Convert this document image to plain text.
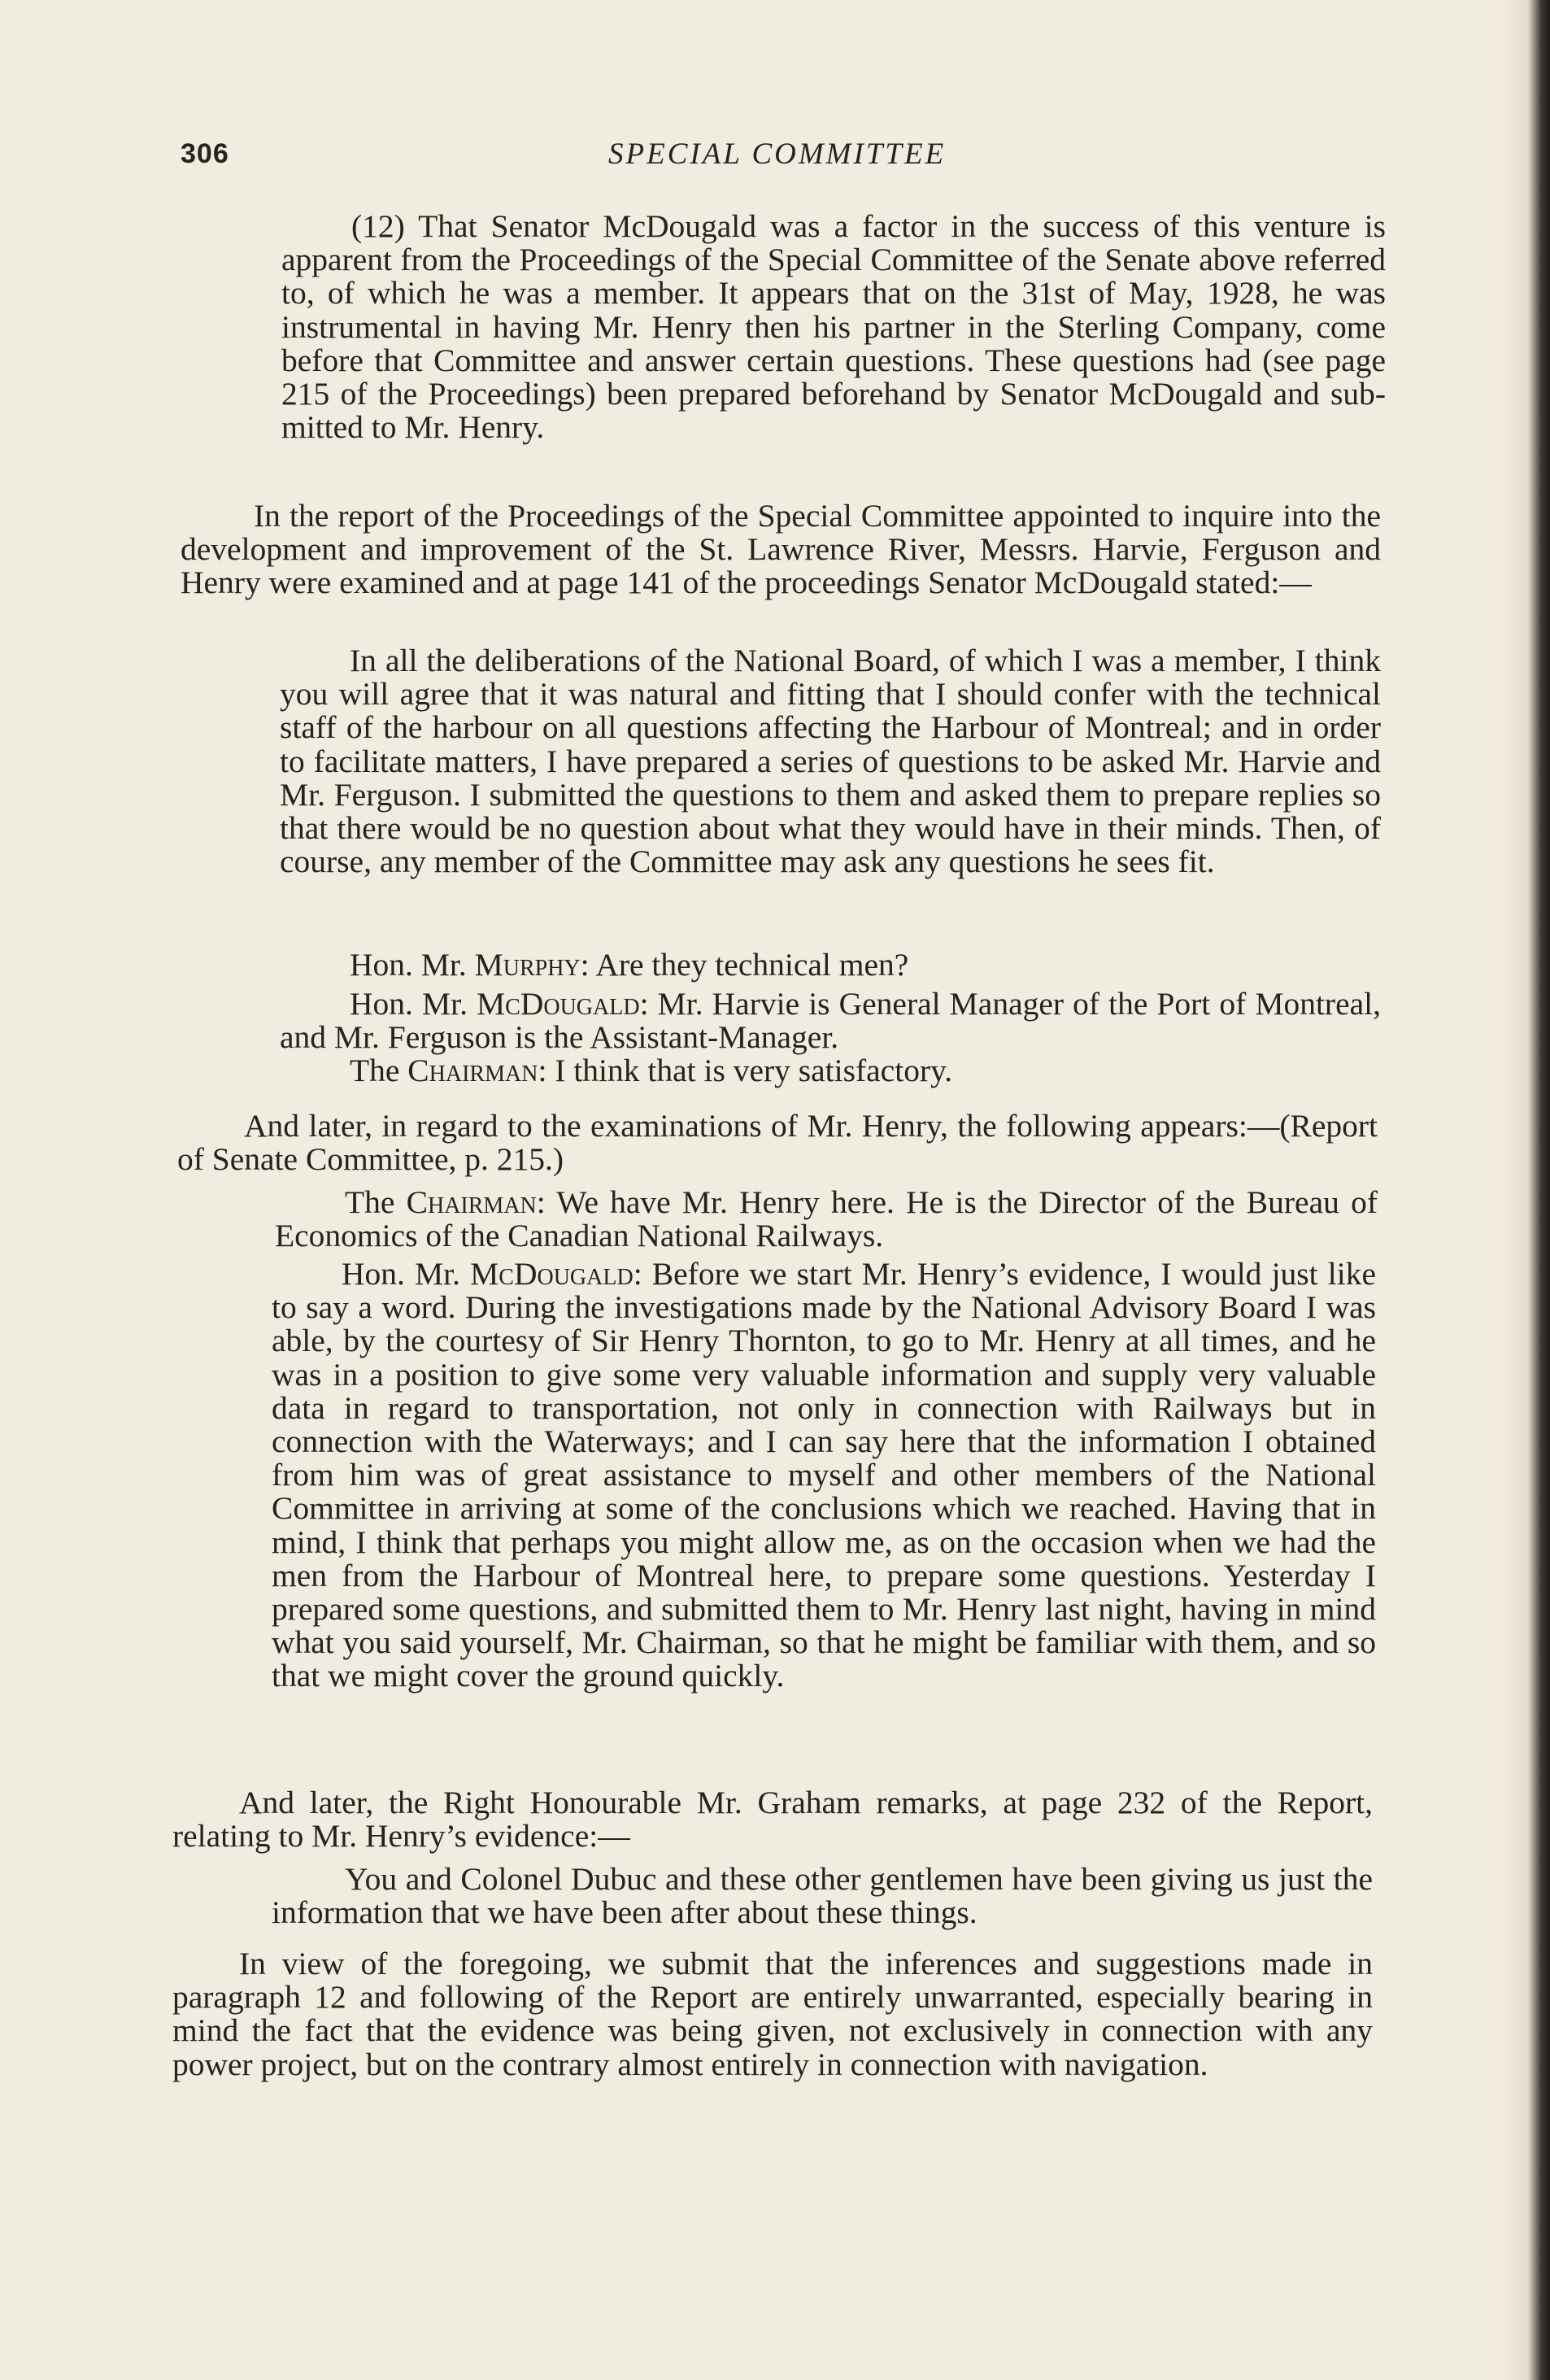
306	SPECIAL COMMITTEE

(12) That Senator McDougald was a factor in the success of this venture is apparent from the Proceedings of the Special Committee of the Senate above referred to, of which he was a member. It appears that on the 31st of May, 1928, he was instrumental in having Mr. Henry then his partner in the Sterling Company, come before that Committee and answer certain questions. These questions had (see page 215 of the Proceedings) been prepared beforehand by Senator McDougald and submitted to Mr. Henry.

In the report of the Proceedings of the Special Committee appointed to inquire into the development and improvement of the St. Lawrence River, Messrs. Harvie, Ferguson and Henry were examined and at page 141 of the proceedings Senator McDougald stated:—

In all the deliberations of the National Board, of which I was a member, I think you will agree that it was natural and fitting that I should confer with the technical staff of the harbour on all questions affecting the Harbour of Montreal; and in order to facilitate matters, I have prepared a series of questions to be asked Mr. Harvie and Mr. Ferguson. I submitted the questions to them and asked them to prepare replies so that there would be no question about what they would have in their minds. Then, of course, any member of the Committee may ask any questions he sees fit.

Hon. Mr. Murphy: Are they technical men?

Hon. Mr. McDougald: Mr. Harvie is General Manager of the Port of Montreal, and Mr. Ferguson is the Assistant-Manager.

The Chairman: I think that is very satisfactory.

And later, in regard to the examinations of Mr. Henry, the following appears:—(Report of Senate Committee, p. 215.)

The Chairman: We have Mr. Henry here. He is the Director of the Bureau of Economics of the Canadian National Railways.

Hon. Mr. McDougald: Before we start Mr. Henry’s evidence, I would just like to say a word. During the investigations made by the National Advisory Board I was able, by the courtesy of Sir Henry Thornton, to go to Mr. Henry at all times, and he was in a position to give some very valuable information and supply very valuable data in regard to transportation, not only in connection with Railways but in connection with the Waterways; and I can say here that the information I obtained from him was of great assistance to myself and other members of the National Committee in arriving at some of the conclusions which we reached. Having that in mind, I think that perhaps you might allow me, as on the occasion when we had the men from the Harbour of Montreal here, to prepare some questions. Yesterday I prepared some questions, and submitted them to Mr. Henry last night, having in mind what you said yourself, Mr. Chairman, so that he might be familiar with them, and so that we might cover the ground quickly.

And later, the Right Honourable Mr. Graham remarks, at page 232 of the Report, relating to Mr. Henry’s evidence:—

You and Colonel Dubuc and these other gentlemen have been giving us just the information that we have been after about these things.

In view of the foregoing, we submit that the inferences and suggestions made in paragraph 12 and following of the Report are entirely unwarranted, especially bearing in mind the fact that the evidence was being given, not exclusively in connection with any power project, but on the contrary almost entirely in connection with navigation.
